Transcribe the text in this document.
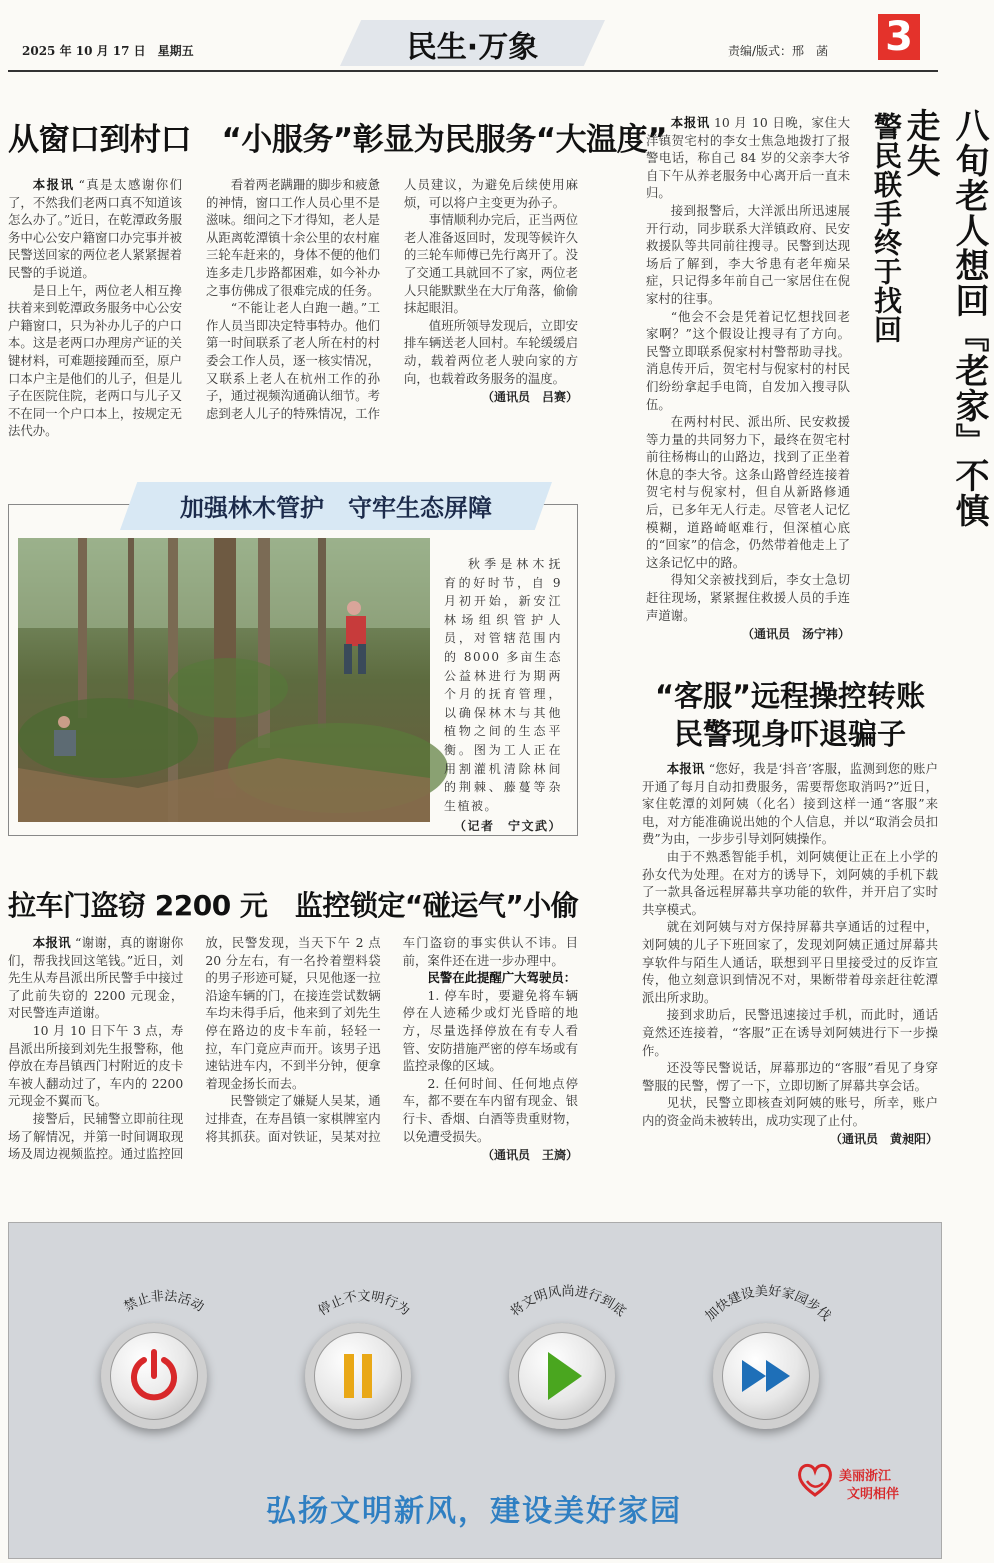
2025 年 10 月 17 日　星期五	民生·万象	责编/版式：邢　菡 3
从窗口到村口　“小服务”彰显为民服务“大温度”

本报讯 “真是太感谢你们了，不然我们老两口真不知道该怎么办了。”近日，在乾潭政务服务中心公安户籍窗口办完事并被民警送回家的两位老人紧紧握着民警的手说道。

是日上午，两位老人相互搀扶着来到乾潭政务服务中心公安户籍窗口，只为补办儿子的户口本。这是老两口办理房产证的关键材料，可难题接踵而至，原户口本户主是他们的儿子，但是儿子在医院住院，老两口与儿子又不在同一个户口本上，按规定无法代办。

看着两老蹒跚的脚步和疲惫的神情，窗口工作人员心里不是滋味。细问之下才得知，老人是从距离乾潭镇十余公里的农村雇三轮车赶来的，身体不便的他们连多走几步路都困难，如今补办之事仿佛成了很难完成的任务。

“不能让老人白跑一趟。”工作人员当即决定特事特办。他们第一时间联系了老人所在村的村委会工作人员，逐一核实情况，又联系上老人在杭州工作的孙子，通过视频沟通确认细节。考虑到老人儿子的特殊情况，工作人员建议，为避免后续使用麻烦，可以将户主变更为孙子。

事情顺利办完后，正当两位老人准备返回时，发现等候许久的三轮车师傅已先行离开了。没了交通工具就回不了家，两位老人只能默默坐在大厅角落，偷偷抹起眼泪。

值班所领导发现后，立即安排车辆送老人回村。车轮缓缓启动，载着两位老人驶向家的方向，也载着政务服务的温度。

（通讯员　吕赛）	八旬老人想回『老家』不慎走失
警民联手终于找回

本报讯 10 月 10 日晚，家住大洋镇贺宅村的李女士焦急地拨打了报警电话，称自己 84 岁的父亲李大爷自下午从养老服务中心离开后一直未归。

接到报警后，大洋派出所迅速展开行动，同步联系大洋镇政府、民安救援队等共同前往搜寻。民警到达现场后了解到，李大爷患有老年痴呆症，只记得多年前自己一家居住在倪家村的往事。

“他会不会是凭着记忆想找回老家啊？”这个假设让搜寻有了方向。民警立即联系倪家村村警帮助寻找。消息传开后，贺宅村与倪家村的村民们纷纷拿起手电筒，自发加入搜寻队伍。

在两村村民、派出所、民安救援等力量的共同努力下，最终在贺宅村前往杨梅山的山路边，找到了正坐着休息的李大爷。这条山路曾经连接着贺宅村与倪家村，但自从新路修通后，已多年无人行走。尽管老人记忆模糊，道路崎岖难行，但深植心底的“回家”的信念，仍然带着他走上了这条记忆中的路。

得知父亲被找到后，李女士急切赶往现场，紧紧握住救援人员的手连声道谢。

（通讯员　汤宁祎）
加强林木管护　守牢生态屏障

秋季是林木抚育的好时节，自 9 月初开始，新安江林场组织管护人员，对管辖范围内的 8000 多亩生态公益林进行为期两个月的抚育管理，以确保林木与其他植物之间的生态平衡。图为工人正在用割灌机清除林间的荆棘、藤蔓等杂生植被。

（记者　宁文武）
“客服”远程操控转账
民警现身吓退骗子

本报讯 “您好，我是‘抖音’客服，监测到您的账户开通了每月自动扣费服务，需要帮您取消吗?”近日，家住乾潭的刘阿姨（化名）接到这样一通“客服”来电，对方能准确说出她的个人信息，并以“取消会员扣费”为由，一步步引导刘阿姨操作。

由于不熟悉智能手机，刘阿姨便让正在上小学的孙女代为处理。在对方的诱导下，刘阿姨的手机下载了一款具备远程屏幕共享功能的软件，并开启了实时共享模式。

就在刘阿姨与对方保持屏幕共享通话的过程中，刘阿姨的儿子下班回家了，发现刘阿姨正通过屏幕共享软件与陌生人通话，联想到平日里接受过的反诈宣传，他立刻意识到情况不对，果断带着母亲赶往乾潭派出所求助。

接到求助后，民警迅速接过手机，而此时，通话竟然还连接着，“客服”正在诱导刘阿姨进行下一步操作。

还没等民警说话，屏幕那边的“客服”看见了身穿警服的民警，愣了一下，立即切断了屏幕共享会话。

见状，民警立即核查刘阿姨的账号，所幸，账户内的资金尚未被转出，成功实现了止付。

（通讯员　黄昶阳）
拉车门盗窃 2200 元　监控锁定“碰运气”小偷

本报讯 “谢谢，真的谢谢你们，帮我找回这笔钱。”近日，刘先生从寿昌派出所民警手中接过了此前失窃的 2200 元现金，对民警连声道谢。

10 月 10 日下午 3 点，寿昌派出所接到刘先生报警称，他停放在寿昌镇西门村附近的皮卡车被人翻动过了，车内的 2200 元现金不翼而飞。

接警后，民辅警立即前往现场了解情况，并第一时间调取现场及周边视频监控。通过监控回放，民警发现，当天下午 2 点 20 分左右，有一名拎着塑料袋的男子形迹可疑，只见他逐一拉沿途车辆的门，在接连尝试数辆车均未得手后，他来到了刘先生停在路边的皮卡车前，轻轻一拉，车门竟应声而开。该男子迅速钻进车内，不到半分钟，便拿着现金扬长而去。

民警锁定了嫌疑人吴某，通过排查，在寿昌镇一家棋牌室内将其抓获。面对铁证，吴某对拉车门盗窃的事实供认不讳。目前，案件还在进一步办理中。

民警在此提醒广大驾驶员：

1. 停车时，要避免将车辆停在人迹稀少或灯光昏暗的地方，尽量选择停放在有专人看管、安防措施严密的停车场或有监控录像的区域。

2. 任何时间、任何地点停车，都不要在车内留有现金、银行卡、香烟、白酒等贵重财物，以免遭受损失。

（通讯员　王旖）
禁止非法活动	停止不文明行为	将文明风尚进行到底	加快建设美好家园步伐
美丽浙江
文明相伴
弘扬文明新风，建设美好家园
